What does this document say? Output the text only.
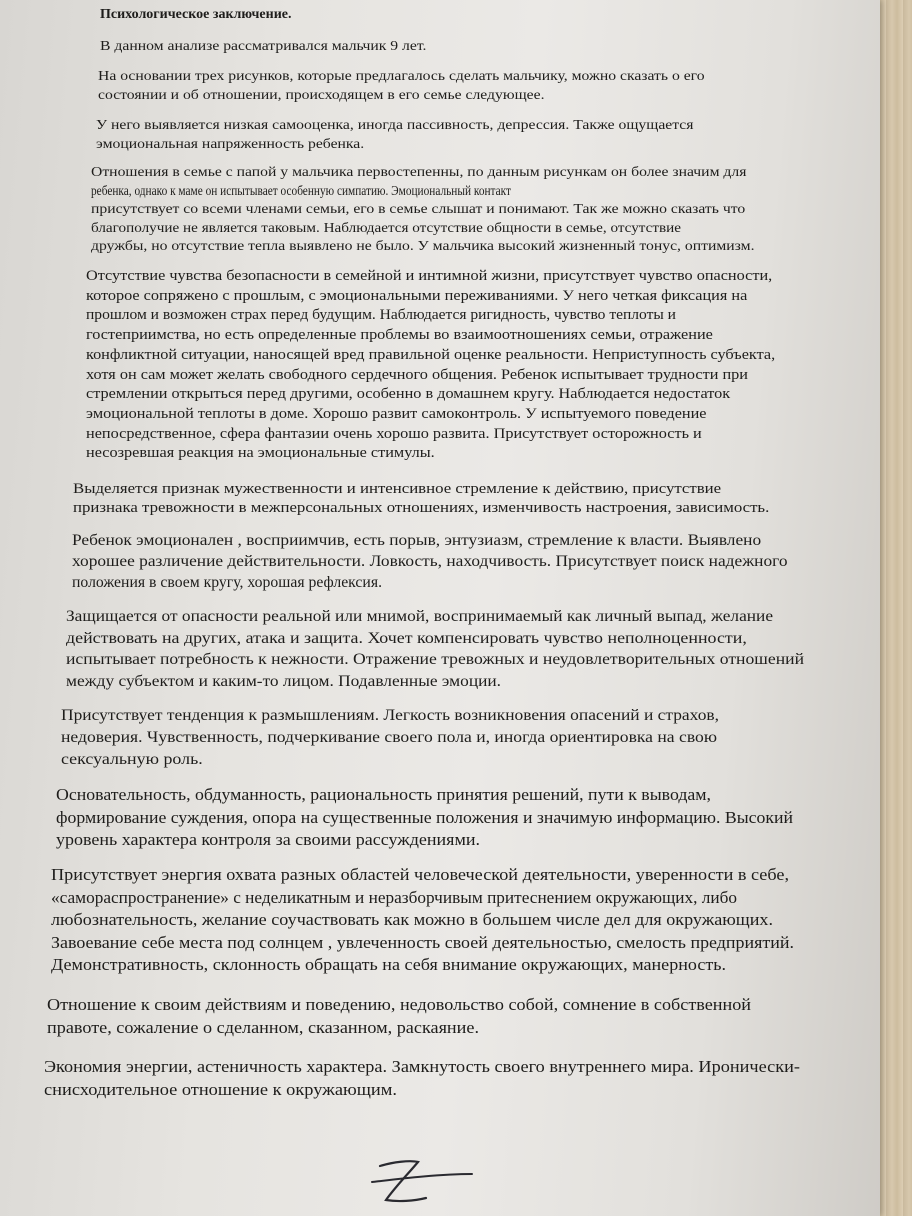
Психологическое заключение.
В данном анализе рассматривался мальчик 9 лет.
На основании трех рисунков, которые предлагалось сделать мальчику, можно сказать о его
состоянии и об отношении, происходящем в его семье следующее.
У него выявляется низкая самооценка, иногда пассивность, депрессия. Также ощущается
эмоциональная напряженность ребенка.
Отношения в семье с папой у мальчика первостепенны, по данным рисункам он более значим для
ребенка, однако к маме он испытывает особенную симпатию. Эмоциональный контакт
присутствует со всеми членами семьи, его в семье слышат и понимают. Так же можно сказать что
благополучие не является таковым. Наблюдается отсутствие общности в семье, отсутствие
дружбы, но отсутствие тепла выявлено не было. У мальчика высокий жизненный тонус, оптимизм.
Отсутствие чувства безопасности в семейной и интимной жизни, присутствует чувство опасности,
которое сопряжено с прошлым, с эмоциональными переживаниями. У него четкая фиксация на
прошлом и возможен страх перед будущим. Наблюдается ригидность, чувство теплоты и
гостеприимства, но есть определенные проблемы во взаимоотношениях семьи, отражение
конфликтной ситуации, наносящей вред правильной оценке реальности. Неприступность субъекта,
хотя он сам может желать свободного сердечного общения. Ребенок испытывает трудности при
стремлении открыться перед другими, особенно в домашнем кругу. Наблюдается недостаток
эмоциональной теплоты в доме. Хорошо развит самоконтроль. У испытуемого поведение
непосредственное, сфера фантазии очень хорошо развита. Присутствует осторожность и
несозревшая реакция на эмоциональные стимулы.
Выделяется признак мужественности и интенсивное стремление к действию, присутствие
признака тревожности в межперсональных отношениях, изменчивость настроения, зависимость.
Ребенок эмоционален , восприимчив, есть порыв, энтузиазм, стремление к власти. Выявлено
хорошее различение действительности. Ловкость, находчивость. Присутствует поиск надежного
положения в своем кругу, хорошая рефлексия.
Защищается от опасности реальной или мнимой, воспринимаемый как личный выпад, желание
действовать на других, атака и защита. Хочет компенсировать чувство неполноценности,
испытывает потребность к нежности. Отражение тревожных и неудовлетворительных отношений
между субъектом и каким-то лицом. Подавленные эмоции.
Присутствует тенденция к размышлениям. Легкость возникновения опасений и страхов,
недоверия. Чувственность, подчеркивание своего пола и, иногда ориентировка на свою
сексуальную роль.
Основательность, обдуманность, рациональность принятия решений, пути к выводам,
формирование суждения, опора на существенные положения и значимую информацию. Высокий
уровень характера контроля за своими рассуждениями.
Присутствует энергия охвата разных областей человеческой деятельности, уверенности в себе,
«самораспространение» с неделикатным и неразборчивым притеснением окружающих, либо
любознательность, желание соучаствовать как можно в большем числе дел для окружающих.
Завоевание себе места под солнцем , увлеченность своей деятельностью, смелость предприятий.
Демонстративность, склонность обращать на себя внимание окружающих, манерность.
Отношение к своим действиям и поведению, недовольство собой, сомнение в собственной
правоте, сожаление о сделанном, сказанном, раскаяние.
Экономия энергии, астеничность характера. Замкнутость своего внутреннего мира. Иронически-
снисходительное отношение к окружающим.
